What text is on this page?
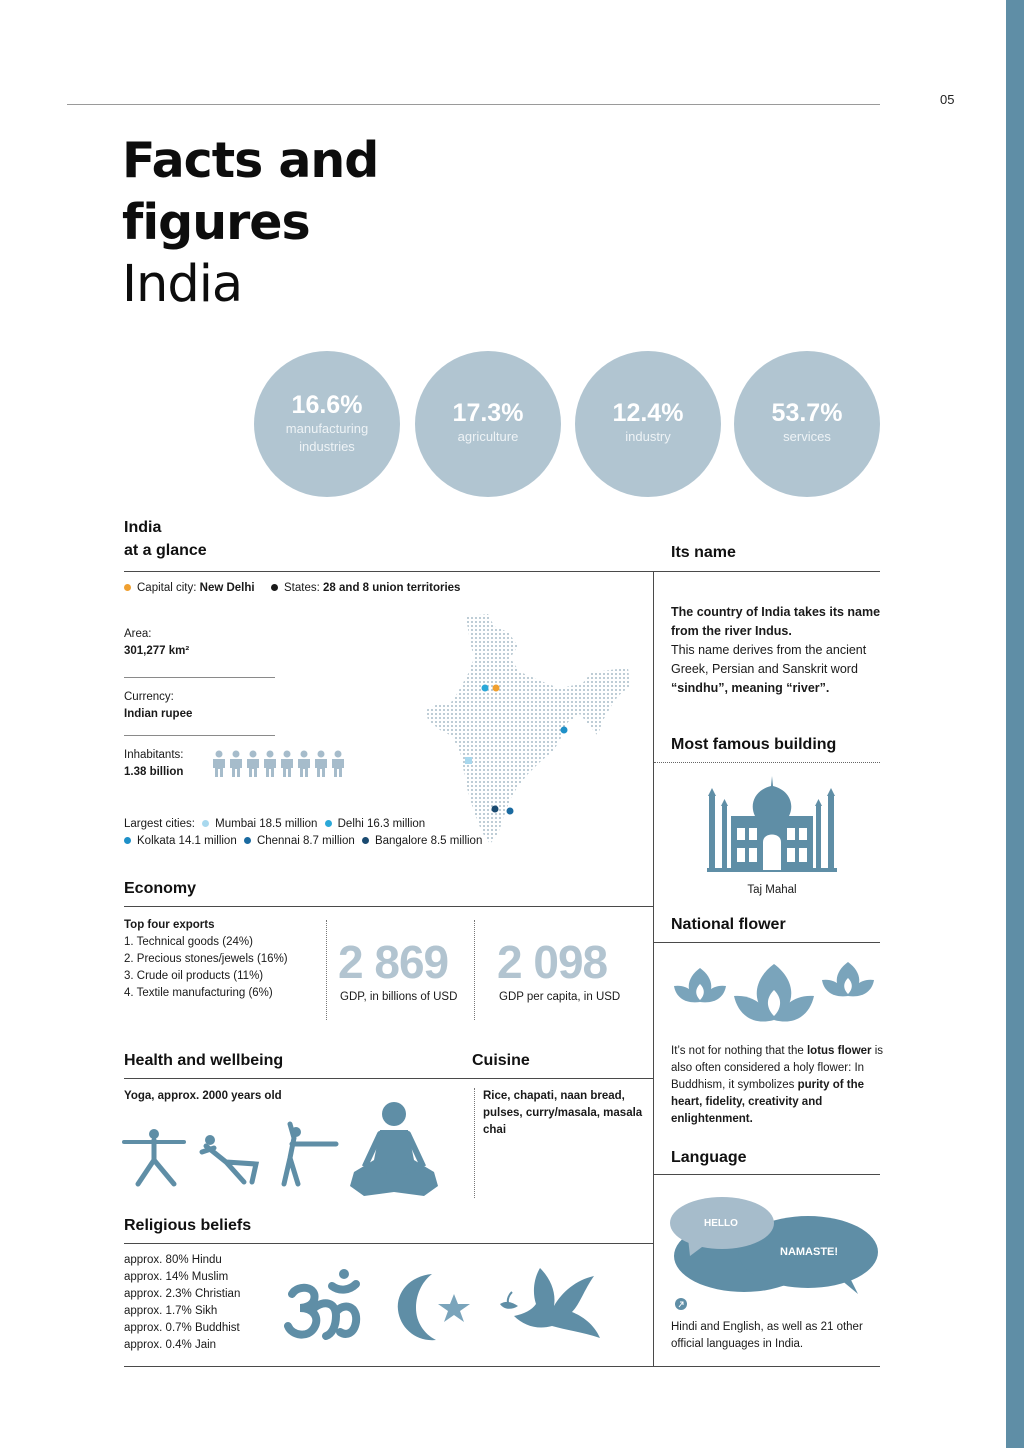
05
Facts and
figures
India
16.6%
manufacturing industries
17.3%
agriculture
12.4%
industry
53.7%
services
India
at a glance	Its name
Capital city: New Delhi	States: 28 and 8 union territories
Area:
301,277 km²
Currency:
Indian rupee
Inhabitants:
1.38 billion
Largest cities: Mumbai 18.5 million Delhi 16.3 million
Kolkata 14.1 million Chennai 8.7 million Bangalore 8.5 million
The country of India takes its name from the river Indus.
This name derives from the ancient Greek, Persian and Sanskrit word
“sindhu”, meaning “river”.
Most famous building
Taj Mahal
National flower
It’s not for nothing that the lotus flower is also often considered a holy flower: In Buddhism, it symbolizes purity of the heart, fidelity, creativity and enlightenment.
Language
HELLO
NAMASTE!
Hindi and English, as well as 21 other official languages in India.
Economy
Top four exports
1. Technical goods (24%)
2. Precious stones/jewels (16%)
3. Crude oil products (11%)
4. Textile manufacturing (6%)
2 869
GDP, in billions of USD
2 098
GDP per capita, in USD
Health and wellbeing	Cuisine
Yoga, approx. 2000 years old	Rice, chapati, naan bread, pulses, curry/masala, masala chai
Religious beliefs
approx. 80% Hindu
approx. 14% Muslim
approx. 2.3% Christian
approx. 1.7% Sikh
approx. 0.7% Buddhist
approx. 0.4% Jain
